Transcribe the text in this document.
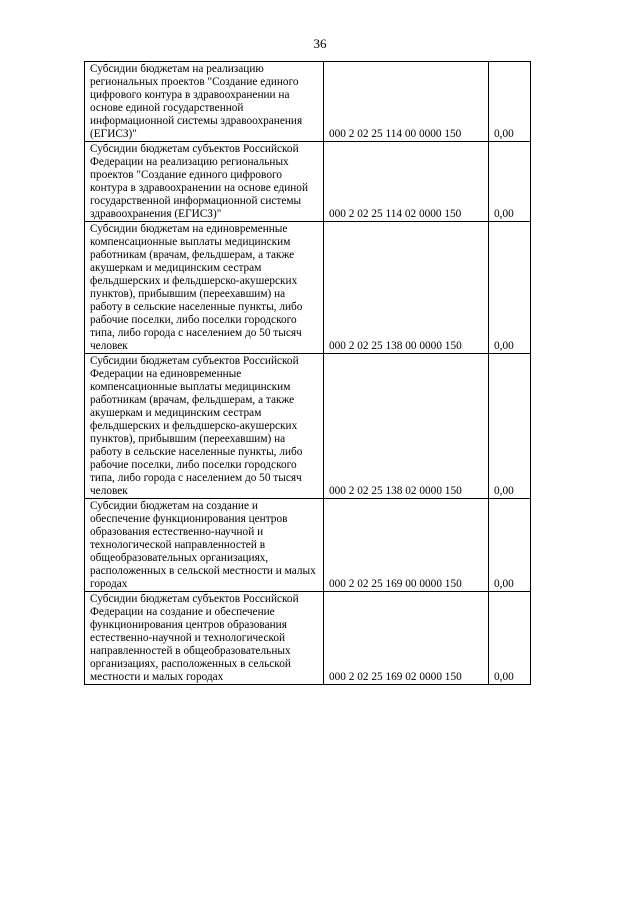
36
Субсидии бюджетам на реализацию региональных проектов "Создание единого цифрового контура в здравоохранении на основе единой государственной информационной системы здравоохранения (ЕГИСЗ)"	000 2 02 25 114 00 0000 150	0,00
Субсидии бюджетам субъектов Российской Федерации на реализацию региональных проектов "Создание единого цифрового контура в здравоохранении на основе единой государственной информационной системы здравоохранения (ЕГИСЗ)"	000 2 02 25 114 02 0000 150	0,00
Субсидии бюджетам на единовременные компенсационные выплаты медицинским работникам (врачам, фельдшерам, а также акушеркам и медицинским сестрам фельдшерских и фельдшерско-акушерских пунктов), прибывшим (переехавшим) на работу в сельские населенные пункты, либо рабочие поселки, либо поселки городского типа, либо города с населением до 50 тысяч человек	000 2 02 25 138 00 0000 150	0,00
Субсидии бюджетам субъектов Российской Федерации на единовременные компенсационные выплаты медицинским работникам (врачам, фельдшерам, а также акушеркам и медицинским сестрам фельдшерских и фельдшерско-акушерских пунктов), прибывшим (переехавшим) на работу в сельские населенные пункты, либо рабочие поселки, либо поселки городского типа, либо города с населением до 50 тысяч человек	000 2 02 25 138 02 0000 150	0,00
Субсидии бюджетам на создание и обеспечение функционирования центров образования естественно-научной и технологической направленностей в общеобразовательных организациях, расположенных в сельской местности и малых городах	000 2 02 25 169 00 0000 150	0,00
Субсидии бюджетам субъектов Российской Федерации на создание и обеспечение функционирования центров образования естественно-научной и технологической направленностей в общеобразовательных организациях, расположенных в сельской местности и малых городах	000 2 02 25 169 02 0000 150	0,00
